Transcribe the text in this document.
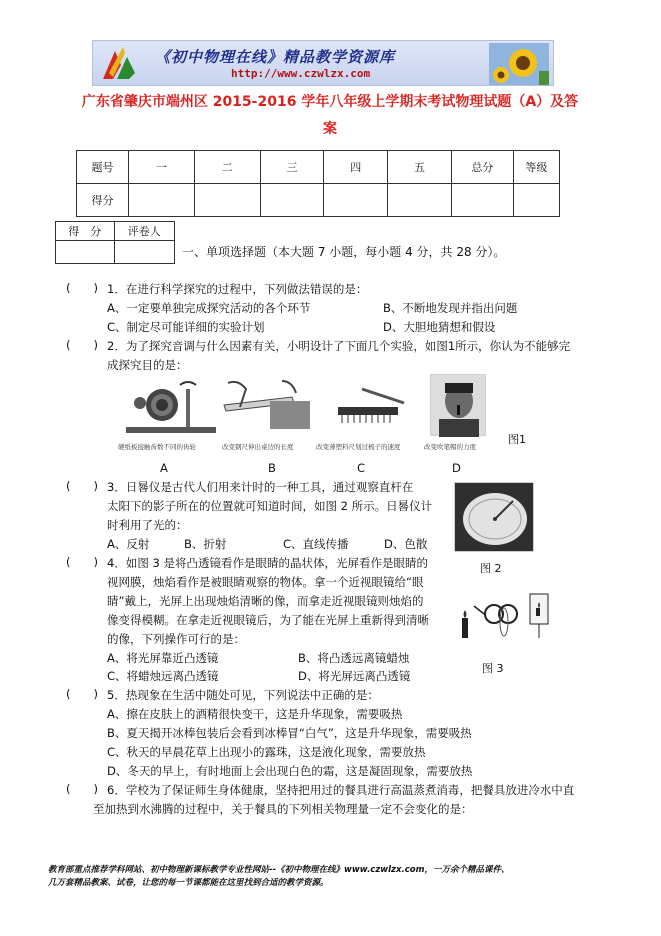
《初中物理在线》精品教学资源库
http://www.czwlzx.com
广东省肇庆市端州区 2015-2016 学年八年级上学期末考试物理试题（A）及答
案
题号	一	二	三	四	五	总分	等级
得分							
得　分	评卷人

一、单项选择题（本大题 7 小题，每小题 4 分，共 28 分）。
(　　) 1．在进行科学探究的过程中，下列做法错误的是：
A、一定要单独完成探究活动的各个环节	B、不断地发现并指出问题
C、制定尽可能详细的实验计划	D、大胆地猜想和假设
(　　) 2．为了探究音调与什么因素有关，小明设计了下面几个实验，如图1所示，你认为不能够完
成探究目的是：
硬纸板接触齿数不同的齿轮	改变钢尺伸出桌边的长度	改变薄塑料尺划过梳子的速度	改变吹笔帽的力度
图1
A	B	C	D
(　　) 3．日晷仪是古代人们用来计时的一种工具，通过观察直杆在
太阳下的影子所在的位置就可知道时间，如图 2 所示。日晷仪计
时利用了光的：
A、反射	B、折射	C、直线传播	D、色散
图 2
(　　) 4．如图 3 是将凸透镜看作是眼睛的晶状体，光屏看作是眼睛的
视网膜，烛焰看作是被眼睛观察的物体。拿一个近视眼镜给“眼
睛”戴上，光屏上出现烛焰清晰的像，而拿走近视眼镜则烛焰的
像变得模糊。在拿走近视眼镜后，为了能在光屏上重新得到清晰
的像，下列操作可行的是：
A、将光屏靠近凸透镜	B、将凸透远离镜蜡烛
C、将蜡烛远离凸透镜	D、将光屏远离凸透镜
图 3
(　　) 5．热现象在生活中随处可见，下列说法中正确的是：
A、擦在皮肤上的酒精很快变干，这是升华现象，需要吸热
B、夏天揭开冰棒包装后会看到冰棒冒“白气”，这是升华现象，需要吸热
C、秋天的早晨花草上出现小的露珠，这是液化现象，需要放热
D、冬天的早上，有时地面上会出现白色的霜，这是凝固现象，需要放热
(　　) 6．学校为了保证师生身体健康，坚持把用过的餐具进行高温蒸煮消毒，把餐具放进冷水中直
至加热到水沸腾的过程中，关于餐具的下列相关物理量一定不会变化的是：
教育部重点推荐学科网站、初中物理新课标教学专业性网站--《初中物理在线》www.czwlzx.com，一万余个精品课件、
几万套精品教案、试卷，让您的每一节课都能在这里找到合适的教学资源。
